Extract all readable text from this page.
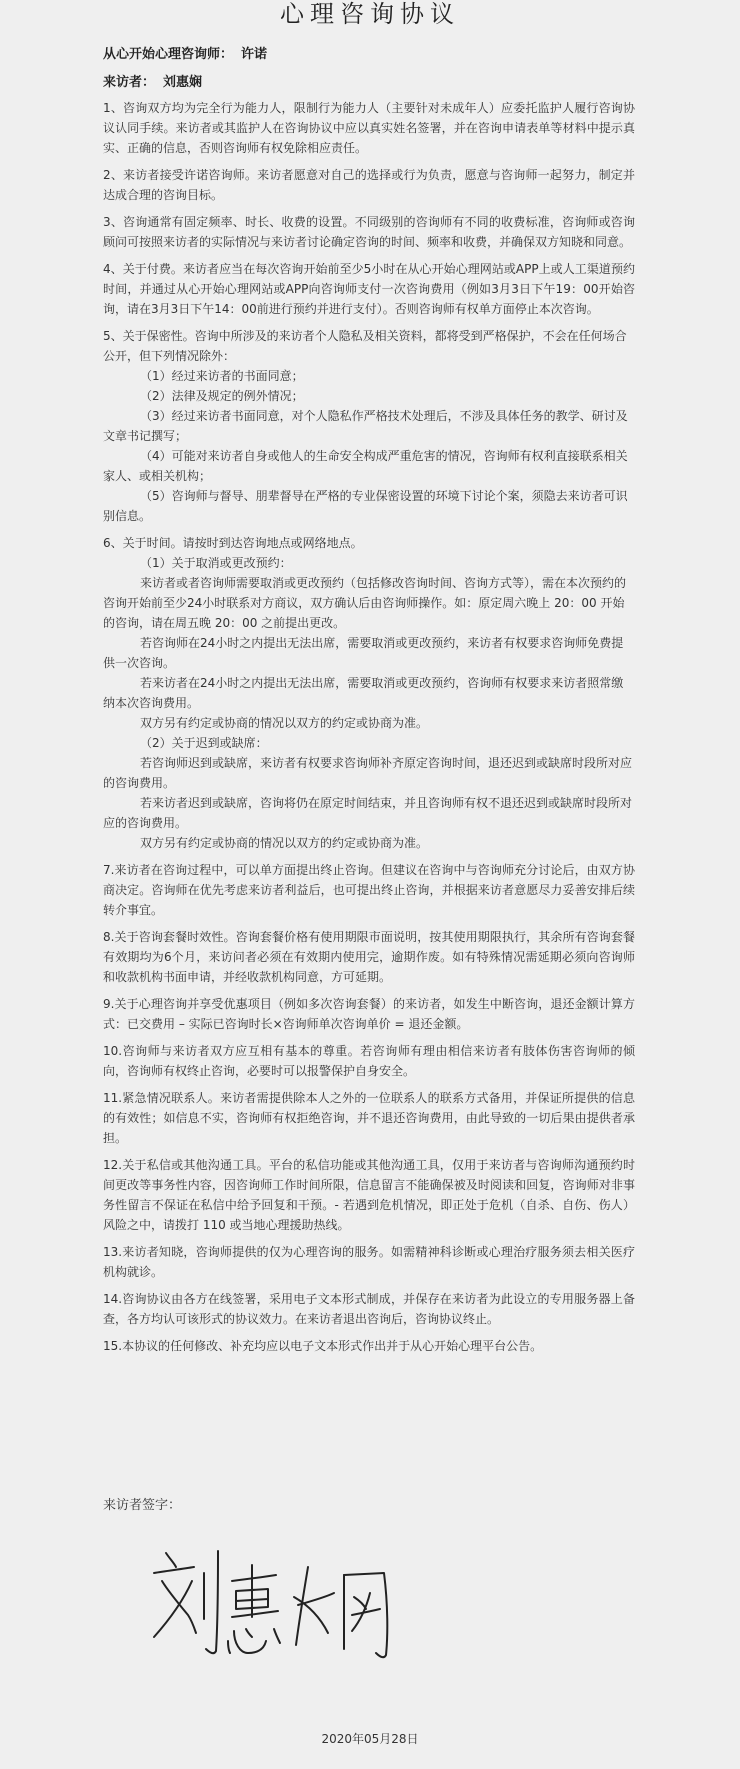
心理咨询协议
从心开始心理咨询师： 许诺
来访者： 刘惠娴

1、咨询双方均为完全行为能力人，限制行为能力人（主要针对未成年人）应委托监护人履行咨询协议认同手续。来访者或其监护人在咨询协议中应以真实姓名签署，并在咨询申请表单等材料中提示真实、正确的信息，否则咨询师有权免除相应责任。

2、来访者接受许诺咨询师。来访者愿意对自己的选择或行为负责，愿意与咨询师一起努力，制定并达成合理的咨询目标。

3、咨询通常有固定频率、时长、收费的设置。不同级别的咨询师有不同的收费标准，咨询师或咨询顾问可按照来访者的实际情况与来访者讨论确定咨询的时间、频率和收费，并确保双方知晓和同意。

4、关于付费。来访者应当在每次咨询开始前至少5小时在从心开始心理网站或APP上或人工渠道预约时间，并通过从心开始心理网站或APP向咨询师支付一次咨询费用（例如3月3日下午19：00开始咨询，请在3月3日下午14：00前进行预约并进行支付）。否则咨询师有权单方面停止本次咨询。

5、关于保密性。咨询中所涉及的来访者个人隐私及相关资料，都将受到严格保护，不会在任何场合公开，但下列情况除外：
（1）经过来访者的书面同意；
（2）法律及规定的例外情况；
（3）经过来访者书面同意，对个人隐私作严格技术处理后，不涉及具体任务的教学、研讨及文章书记撰写；
（4）可能对来访者自身或他人的生命安全构成严重危害的情况，咨询师有权利直接联系相关家人、或相关机构；
（5）咨询师与督导、朋辈督导在严格的专业保密设置的环境下讨论个案，须隐去来访者可识别信息。
6、关于时间。请按时到达咨询地点或网络地点。
（1）关于取消或更改预约：
来访者或者咨询师需要取消或更改预约（包括修改咨询时间、咨询方式等），需在本次预约的咨询开始前至少24小时联系对方商议，双方确认后由咨询师操作。如：原定周六晚上 20：00 开始的咨询，请在周五晚 20：00 之前提出更改。
若咨询师在24小时之内提出无法出席，需要取消或更改预约，来访者有权要求咨询师免费提供一次咨询。
若来访者在24小时之内提出无法出席，需要取消或更改预约，咨询师有权要求来访者照常缴纳本次咨询费用。
双方另有约定或协商的情况以双方的约定或协商为准。
（2）关于迟到或缺席：
若咨询师迟到或缺席，来访者有权要求咨询师补齐原定咨询时间，退还迟到或缺席时段所对应的咨询费用。
若来访者迟到或缺席，咨询将仍在原定时间结束，并且咨询师有权不退还迟到或缺席时段所对应的咨询费用。
双方另有约定或协商的情况以双方的约定或协商为准。

7.来访者在咨询过程中，可以单方面提出终止咨询。但建议在咨询中与咨询师充分讨论后，由双方协商决定。咨询师在优先考虑来访者利益后，也可提出终止咨询，并根据来访者意愿尽力妥善安排后续转介事宜。

8.关于咨询套餐时效性。咨询套餐价格有使用期限市面说明，按其使用期限执行，其余所有咨询套餐有效期均为6个月，来访问者必须在有效期内使用完，逾期作废。如有特殊情况需延期必须向咨询师和收款机构书面申请，并经收款机构同意，方可延期。

9.关于心理咨询并享受优惠项目（例如多次咨询套餐）的来访者，如发生中断咨询，退还金额计算方式：已交费用 – 实际已咨询时长×咨询师单次咨询单价 = 退还金额。

10.咨询师与来访者双方应互相有基本的尊重。若咨询师有理由相信来访者有肢体伤害咨询师的倾向，咨询师有权终止咨询，必要时可以报警保护自身安全。

11.紧急情况联系人。来访者需提供除本人之外的一位联系人的联系方式备用，并保证所提供的信息的有效性；如信息不实，咨询师有权拒绝咨询，并不退还咨询费用，由此导致的一切后果由提供者承担。

12.关于私信或其他沟通工具。平台的私信功能或其他沟通工具，仅用于来访者与咨询师沟通预约时间更改等事务性内容，因咨询师工作时间所限，信息留言不能确保被及时阅读和回复，咨询师对非事务性留言不保证在私信中给予回复和干预。- 若遇到危机情况，即正处于危机（自杀、自伤、伤人）风险之中，请拨打 110 或当地心理援助热线。

13.来访者知晓，咨询师提供的仅为心理咨询的服务。如需精神科诊断或心理治疗服务须去相关医疗机构就诊。

14.咨询协议由各方在线签署，采用电子文本形式制成，并保存在来访者为此设立的专用服务器上备查，各方均认可该形式的协议效力。在来访者退出咨询后，咨询协议终止。

15.本协议的任何修改、补充均应以电子文本形式作出并于从心开始心理平台公告。

来访者签字：
2020年05月28日
